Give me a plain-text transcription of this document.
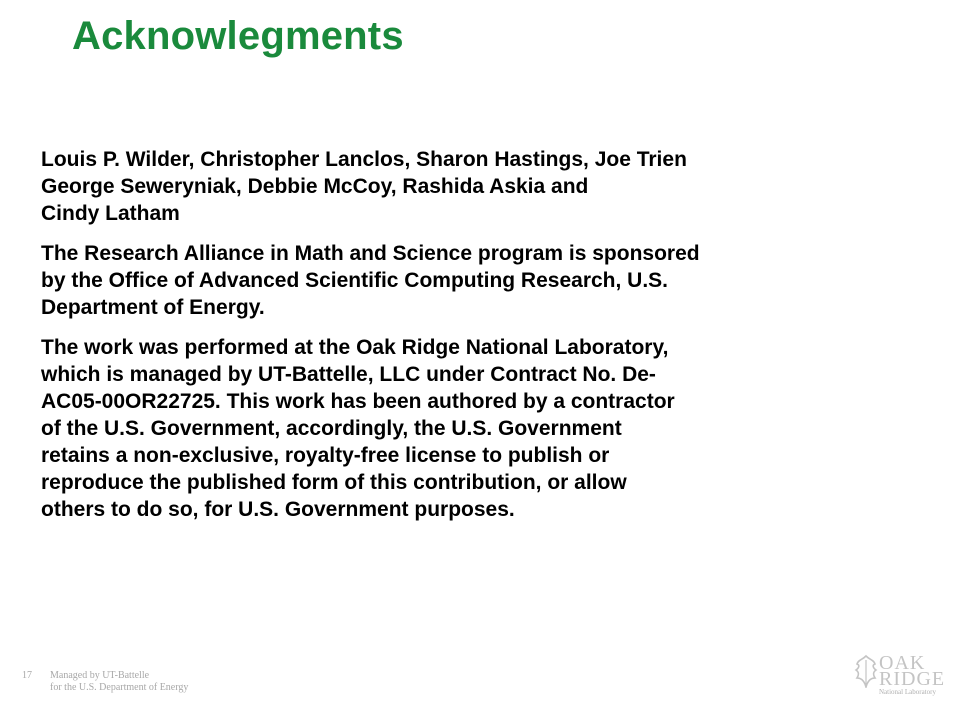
Acknowlegments

Louis P. Wilder, Christopher Lanclos, Sharon Hastings, Joe Trien
George Seweryniak, Debbie McCoy, Rashida Askia and
Cindy Latham

The Research Alliance in Math and Science program is sponsored
by the Office of Advanced Scientific Computing Research, U.S.
Department of Energy.

The work was performed at the Oak Ridge National Laboratory,
which is managed by UT-Battelle, LLC under Contract No. De-
AC05-00OR22725. This work has been authored by a contractor
of the U.S. Government, accordingly, the U.S. Government
retains a non-exclusive, royalty-free license to publish or
reproduce the published form of this contribution, or allow
others to do so, for U.S. Government purposes.

17 Managed by UT-Battelle
for the U.S. Department of Energy
OAK
RIDGE
National Laboratory
